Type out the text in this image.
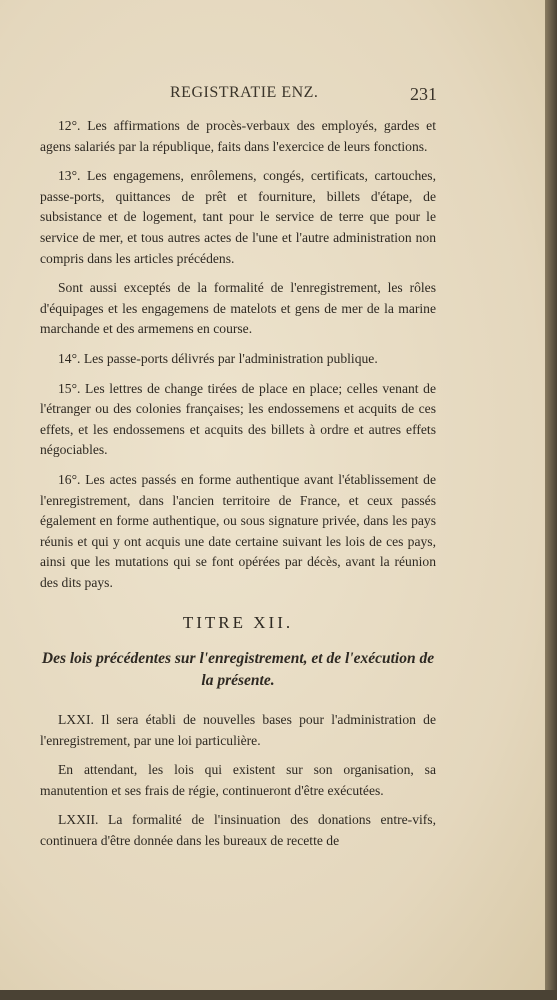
REGISTRATIE ENZ.	231

12°. Les affirmations de procès-verbaux des employés, gardes et agens salariés par la république, faits dans l'exercice de leurs fonctions.

13°. Les engagemens, enrôlemens, congés, certificats, cartouches, passe-ports, quittances de prêt et fourniture, billets d'étape, de subsistance et de logement, tant pour le service de terre que pour le service de mer, et tous autres actes de l'une et l'autre administration non compris dans les articles précédens.

Sont aussi exceptés de la formalité de l'enregistrement, les rôles d'équipages et les engagemens de matelots et gens de mer de la marine marchande et des armemens en course.

14°. Les passe-ports délivrés par l'administration publique.

15°. Les lettres de change tirées de place en place; celles venant de l'étranger ou des colonies françaises; les endossemens et acquits de ces effets, et les endossemens et acquits des billets à ordre et autres effets négociables.

16°. Les actes passés en forme authentique avant l'établissement de l'enregistrement, dans l'ancien territoire de France, et ceux passés également en forme authentique, ou sous signature privée, dans les pays réunis et qui y ont acquis une date certaine suivant les lois de ces pays, ainsi que les mutations qui se font opérées par décès, avant la réunion des dits pays.

TITRE XII.

Des lois précédentes sur l'enregistrement, et de l'exécution de la présente.

LXXI. Il sera établi de nouvelles bases pour l'administration de l'enregistrement, par une loi particulière.

En attendant, les lois qui existent sur son organisation, sa manutention et ses frais de régie, continueront d'être exécutées.

LXXII. La formalité de l'insinuation des donations entre-vifs, continuera d'être donnée dans les bureaux de recette de
